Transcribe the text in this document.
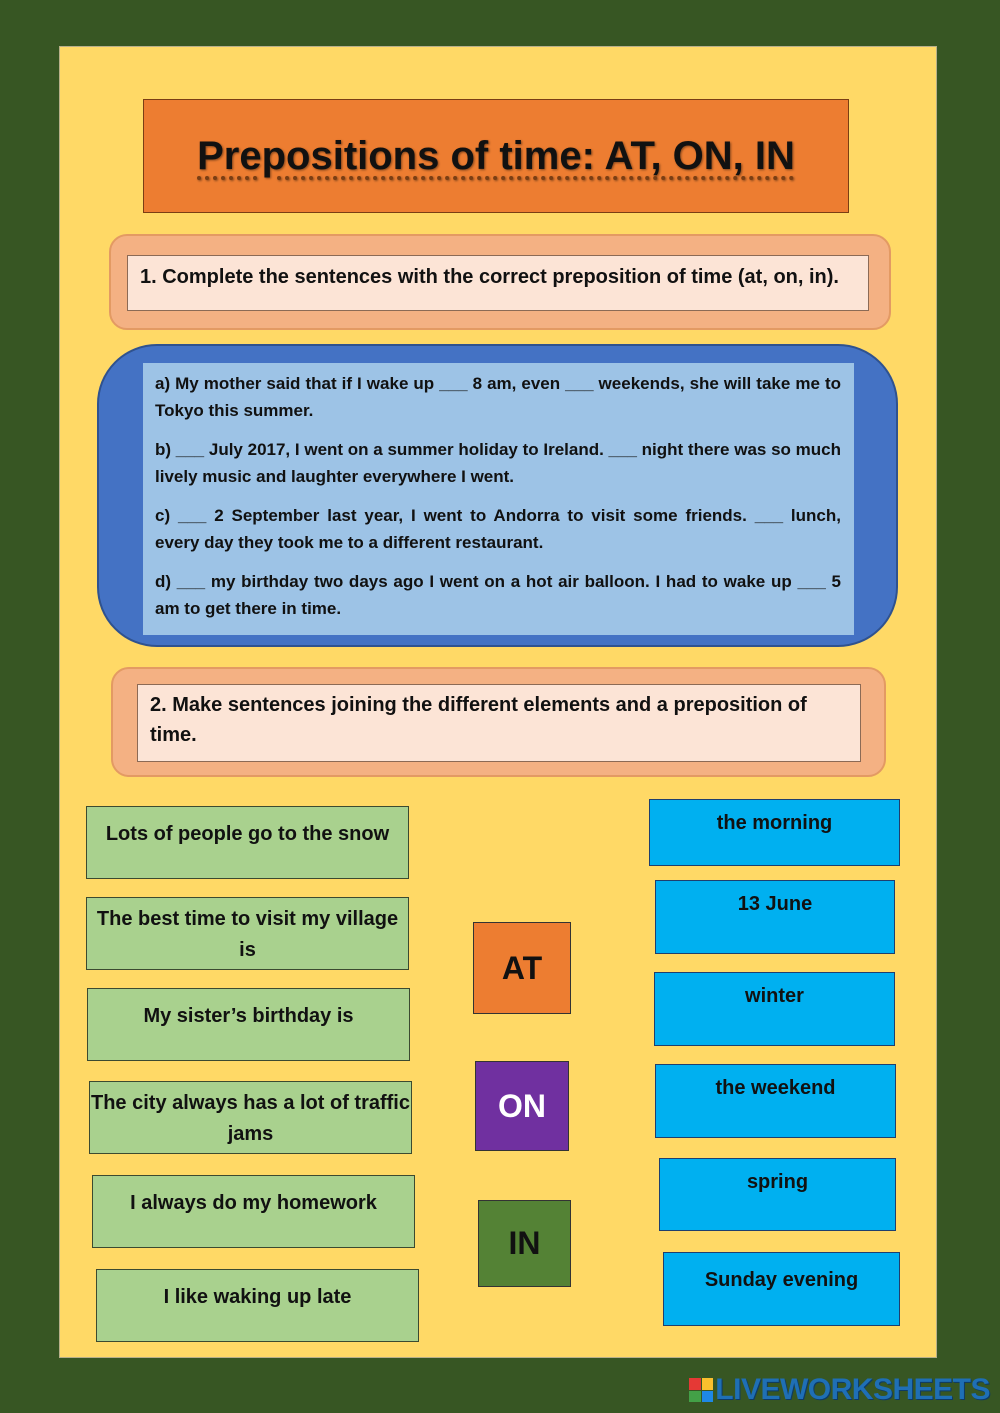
Prepositions of time: AT, ON, IN
1. Complete the sentences with the correct preposition of time (at, on, in).

a) My mother said that if I wake up ___ 8 am, even ___ weekends, she will take me to Tokyo this summer.

b) ___ July 2017, I went on a summer holiday to Ireland. ___ night there was so much lively music and laughter everywhere I went.

c) ___ 2 September last year, I went to Andorra to visit some friends. ___ lunch, every day they took me to a different restaurant.

d) ___ my birthday two days ago I went on a hot air balloon. I had to wake up ___ 5 am to get there in time.

2. Make sentences joining the different elements and a preposition of time.
Lots of people go to the snow
The best time to visit my village is
My sister’s birthday is
The city always has a lot of traffic jams
I always do my homework
I like waking up late
AT
ON
IN
the morning
13 June
winter
the weekend
spring
Sunday evening
LIVEWORKSHEETS
